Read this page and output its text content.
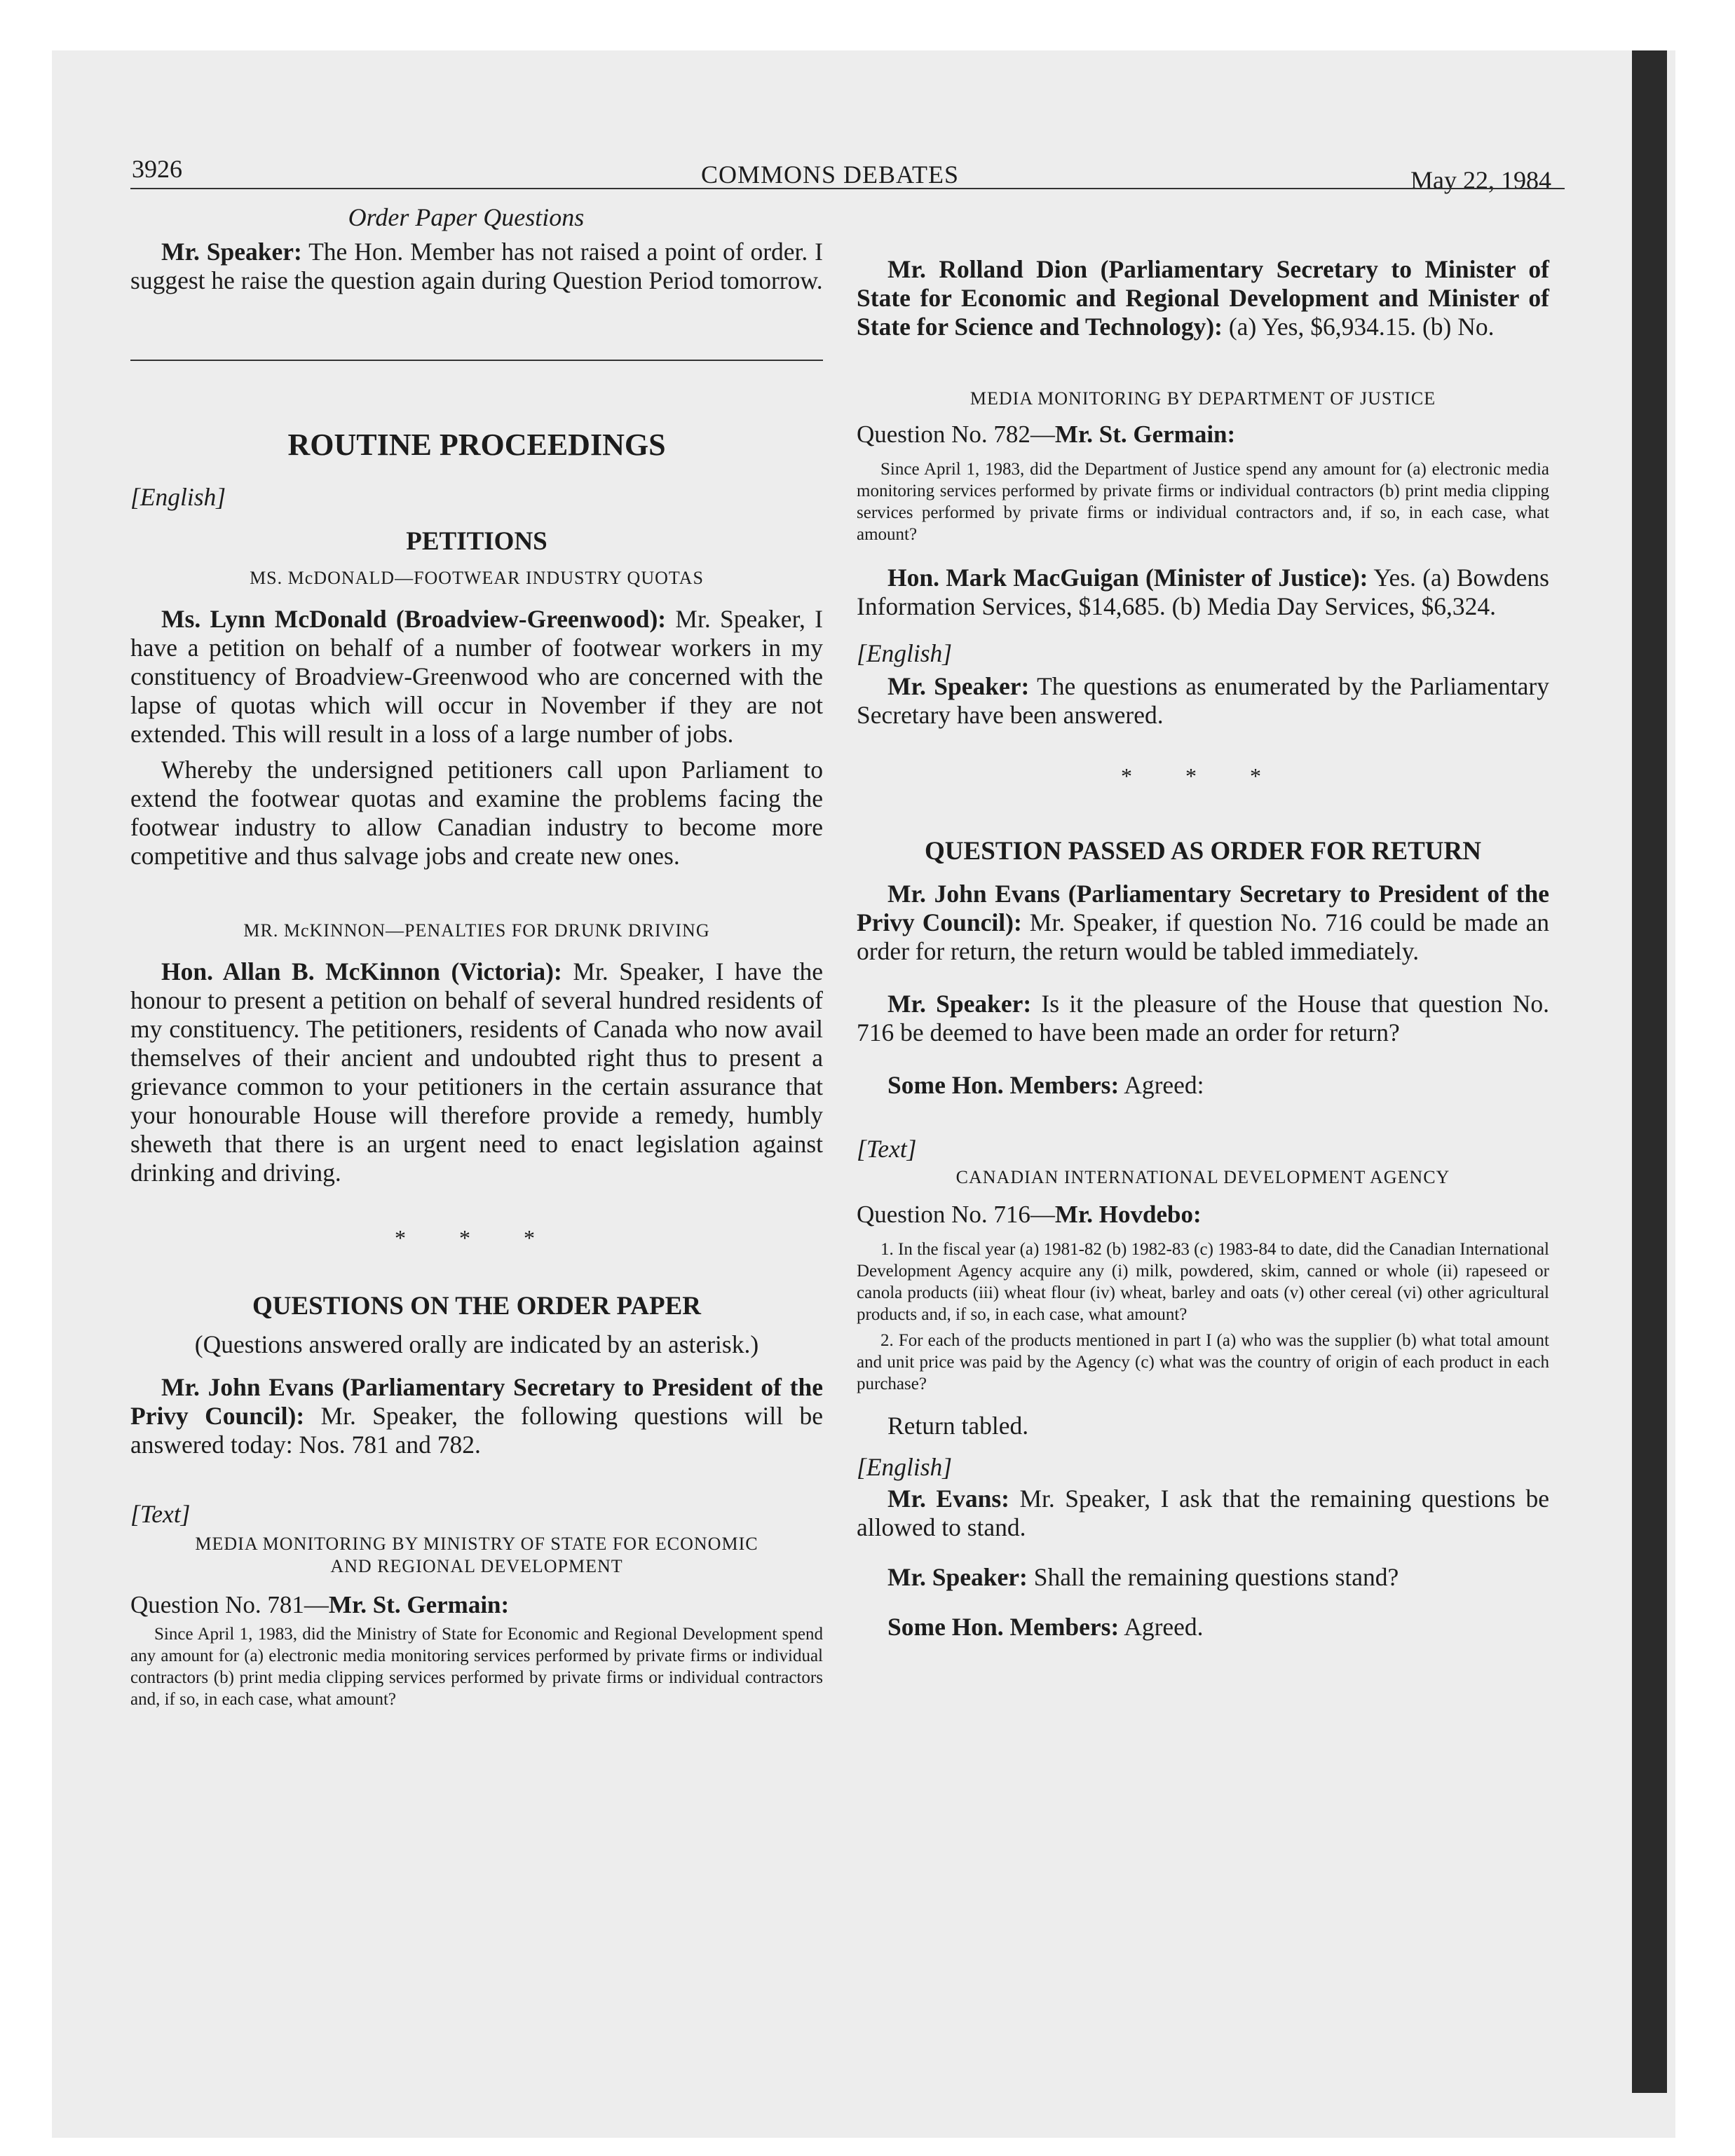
3926	COMMONS DEBATES	May 22, 1984

Order Paper Questions

Mr. Speaker: The Hon. Member has not raised a point of order. I suggest he raise the question again during Question Period tomorrow.

ROUTINE PROCEEDINGS

[English]

PETITIONS

MS. McDONALD—FOOTWEAR INDUSTRY QUOTAS

Ms. Lynn McDonald (Broadview-Greenwood): Mr. Speaker, I have a petition on behalf of a number of footwear workers in my constituency of Broadview-Greenwood who are concerned with the lapse of quotas which will occur in November if they are not extended. This will result in a loss of a large number of jobs.

Whereby the undersigned petitioners call upon Parliament to extend the footwear quotas and examine the problems facing the footwear industry to allow Canadian industry to become more competitive and thus salvage jobs and create new ones.

MR. McKINNON—PENALTIES FOR DRUNK DRIVING

Hon. Allan B. McKinnon (Victoria): Mr. Speaker, I have the honour to present a petition on behalf of several hundred residents of my constituency. The petitioners, residents of Canada who now avail themselves of their ancient and undoubted right thus to present a grievance common to your petitioners in the certain assurance that your honourable House will therefore provide a remedy, humbly sheweth that there is an urgent need to enact legislation against drinking and driving.

* * *

QUESTIONS ON THE ORDER PAPER

(Questions answered orally are indicated by an asterisk.)

Mr. John Evans (Parliamentary Secretary to President of the Privy Council): Mr. Speaker, the following questions will be answered today: Nos. 781 and 782.

[Text]

MEDIA MONITORING BY MINISTRY OF STATE FOR ECONOMIC AND REGIONAL DEVELOPMENT

Question No. 781—Mr. St. Germain:

Since April 1, 1983, did the Ministry of State for Economic and Regional Development spend any amount for (a) electronic media monitoring services performed by private firms or individual contractors (b) print media clipping services performed by private firms or individual contractors and, if so, in each case, what amount?

Mr. Rolland Dion (Parliamentary Secretary to Minister of State for Economic and Regional Development and Minister of State for Science and Technology): (a) Yes, $6,934.15. (b) No.

MEDIA MONITORING BY DEPARTMENT OF JUSTICE

Question No. 782—Mr. St. Germain:

Since April 1, 1983, did the Department of Justice spend any amount for (a) electronic media monitoring services performed by private firms or individual contractors (b) print media clipping services performed by private firms or individual contractors and, if so, in each case, what amount?

Hon. Mark MacGuigan (Minister of Justice): Yes. (a) Bowdens Information Services, $14,685. (b) Media Day Services, $6,324.

[English]

Mr. Speaker: The questions as enumerated by the Parliamentary Secretary have been answered.

* * *

QUESTION PASSED AS ORDER FOR RETURN

Mr. John Evans (Parliamentary Secretary to President of the Privy Council): Mr. Speaker, if question No. 716 could be made an order for return, the return would be tabled immediately.

Mr. Speaker: Is it the pleasure of the House that question No. 716 be deemed to have been made an order for return?

Some Hon. Members: Agreed:

[Text]

CANADIAN INTERNATIONAL DEVELOPMENT AGENCY

Question No. 716—Mr. Hovdebo:

1. In the fiscal year (a) 1981-82 (b) 1982-83 (c) 1983-84 to date, did the Canadian International Development Agency acquire any (i) milk, powdered, skim, canned or whole (ii) rapeseed or canola products (iii) wheat flour (iv) wheat, barley and oats (v) other cereal (vi) other agricultural products and, if so, in each case, what amount?

2. For each of the products mentioned in part I (a) who was the supplier (b) what total amount and unit price was paid by the Agency (c) what was the country of origin of each product in each purchase?

Return tabled.

[English]

Mr. Evans: Mr. Speaker, I ask that the remaining questions be allowed to stand.

Mr. Speaker: Shall the remaining questions stand?

Some Hon. Members: Agreed.
